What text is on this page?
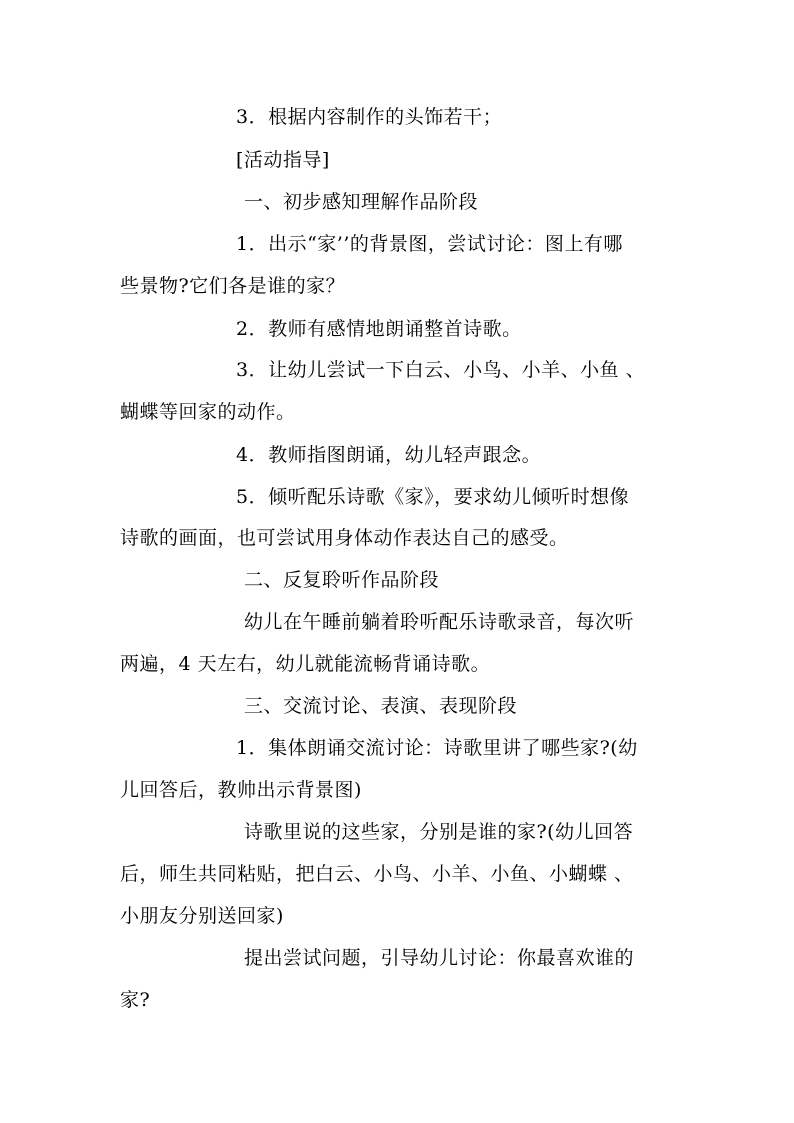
3．根据内容制作的头饰若干；
[活动指导]
一、初步感知理解作品阶段
1．出示“家’’的背景图，尝试讨论：图上有哪
些景物?它们各是谁的家？
2．教师有感情地朗诵整首诗歌。
3．让幼儿尝试一下白云、小鸟、小羊、小鱼 、
蝴蝶等回家的动作。
4．教师指图朗诵，幼儿轻声跟念。
5．倾听配乐诗歌《家》，要求幼儿倾听时想像
诗歌的画面，也可尝试用身体动作表达自己的感受。
二、反复聆听作品阶段
幼儿在午睡前躺着聆听配乐诗歌录音，每次听
两遍，4 天左右，幼儿就能流畅背诵诗歌。
三、交流讨论、表演、表现阶段
1．集体朗诵交流讨论：诗歌里讲了哪些家?(幼
儿回答后，教帅出示背景图)
诗歌里说的这些家，分别是谁的家?(幼儿回答
后，师生共同粘贴，把白云、小鸟、小羊、小鱼、小蝴蝶 、
小朋友分别送回家)
提出尝试问题，引导幼儿讨论：你最喜欢谁的
家?
